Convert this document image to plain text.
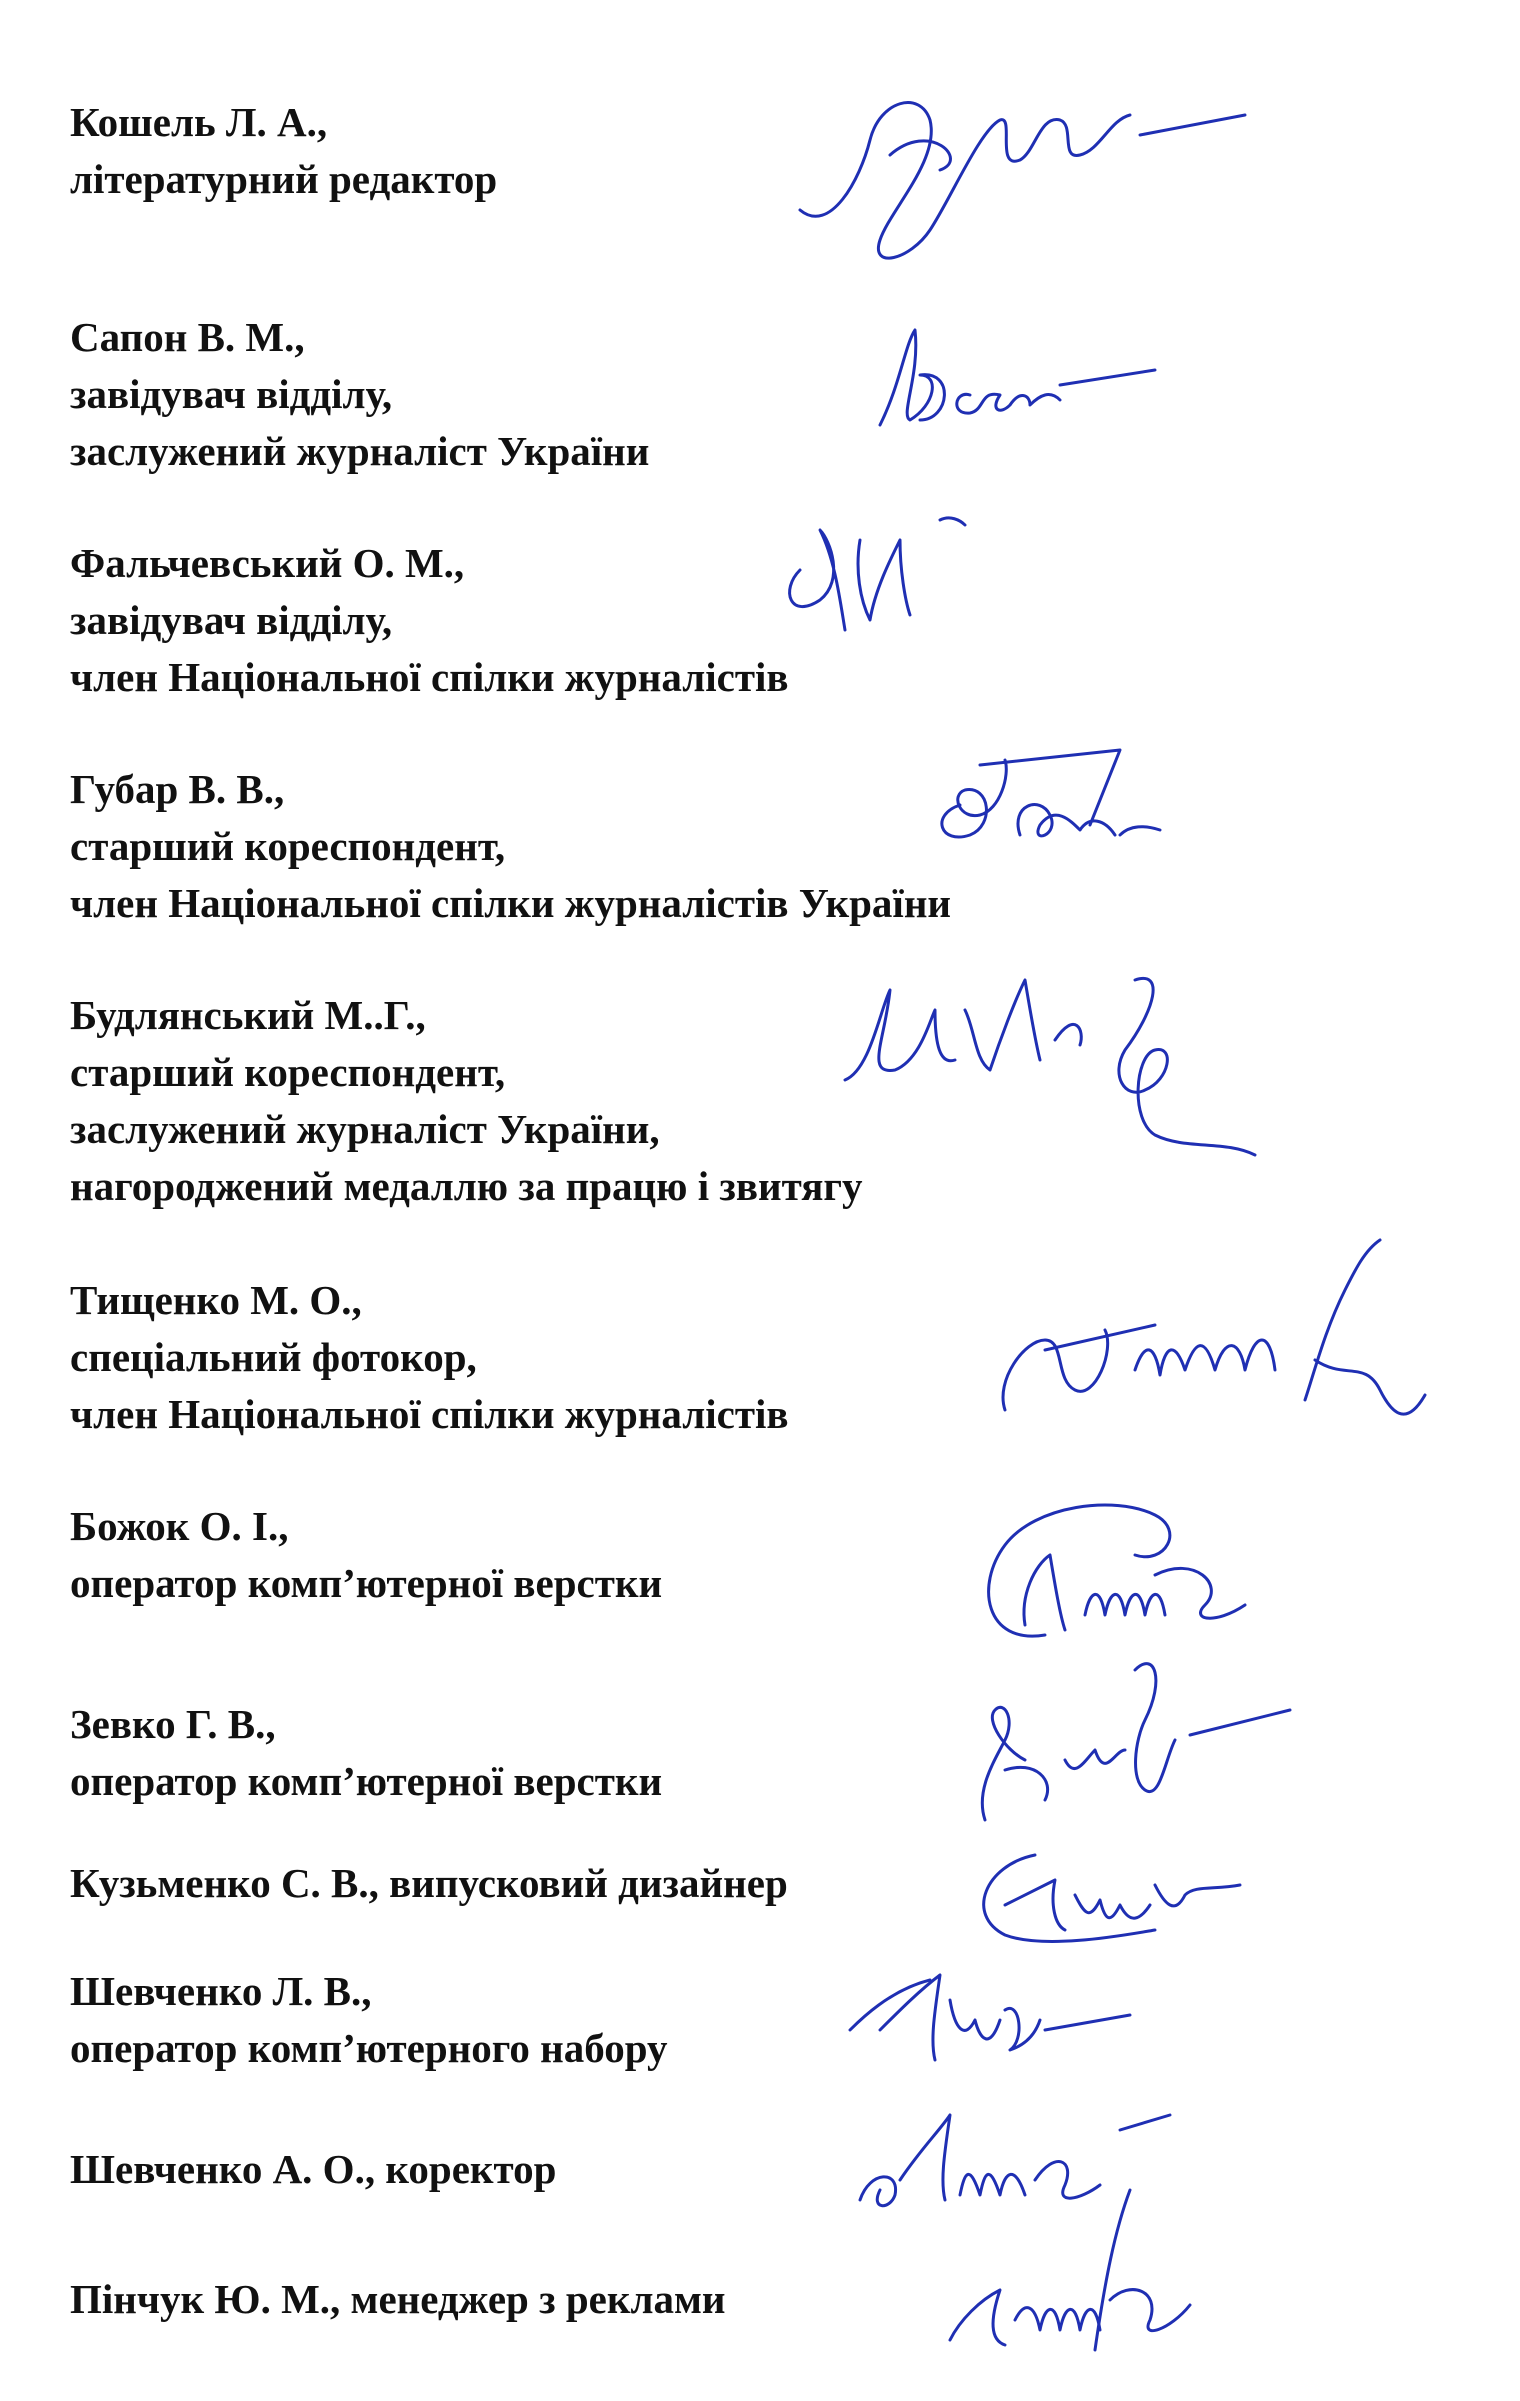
Кошель Л. А.,
літературний редактор
Сапон В. М.,
завідувач відділу,
заслужений журналіст України
Фальчевський О. М.,
завідувач відділу,
член Національної спілки журналістів
Губар В. В.,
старший кореспондент,
член Національної спілки журналістів України
Будлянський М..Г.,
старший кореспондент,
заслужений журналіст України,
нагороджений медаллю за працю і звитягу
Тищенко М. О.,
спеціальний фотокор,
член Національної спілки журналістів
Божок О. І.,
оператор комп’ютерної верстки
Зевко Г. В.,
оператор комп’ютерної верстки
Кузьменко С. В., випусковий дизайнер
Шевченко Л. В.,
оператор комп’ютерного набору
Шевченко А. О., коректор
Пінчук Ю. М., менеджер з реклами
